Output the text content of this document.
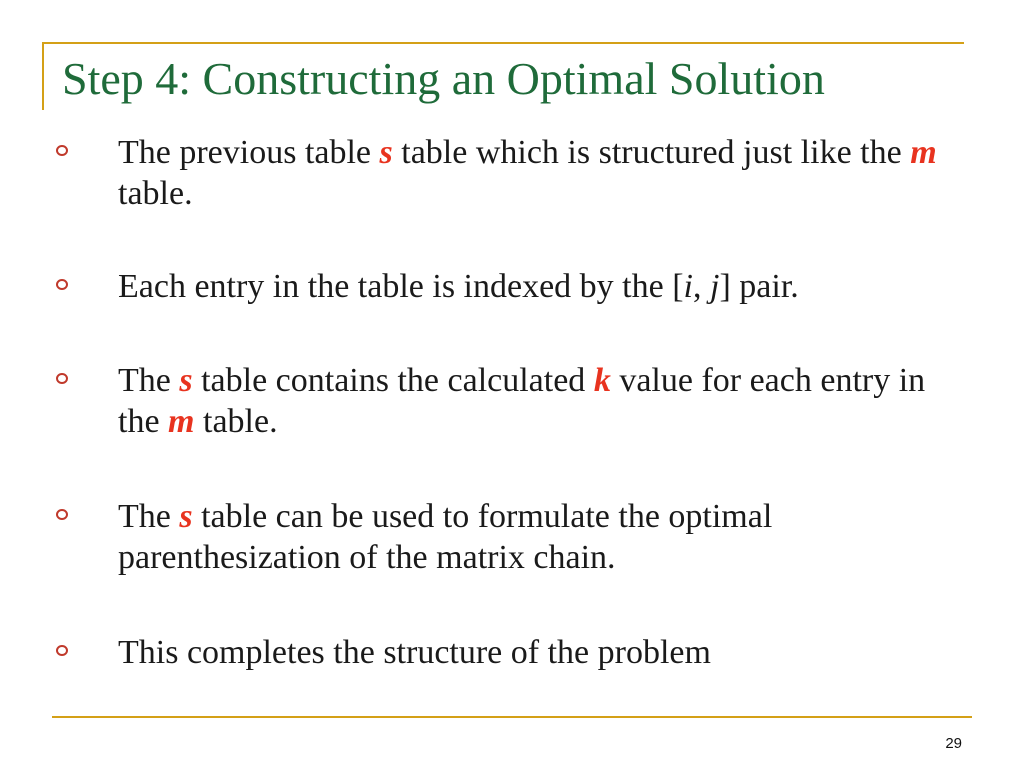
Step 4: Constructing an Optimal Solution
The previous table s table which is structured just like the m table.
Each entry in the table is indexed by the [i, j] pair.
The s table contains the calculated k value for each entry in the m table.
The s table can be used to formulate the optimal parenthesization of the matrix chain.
This completes the structure of the problem
29
